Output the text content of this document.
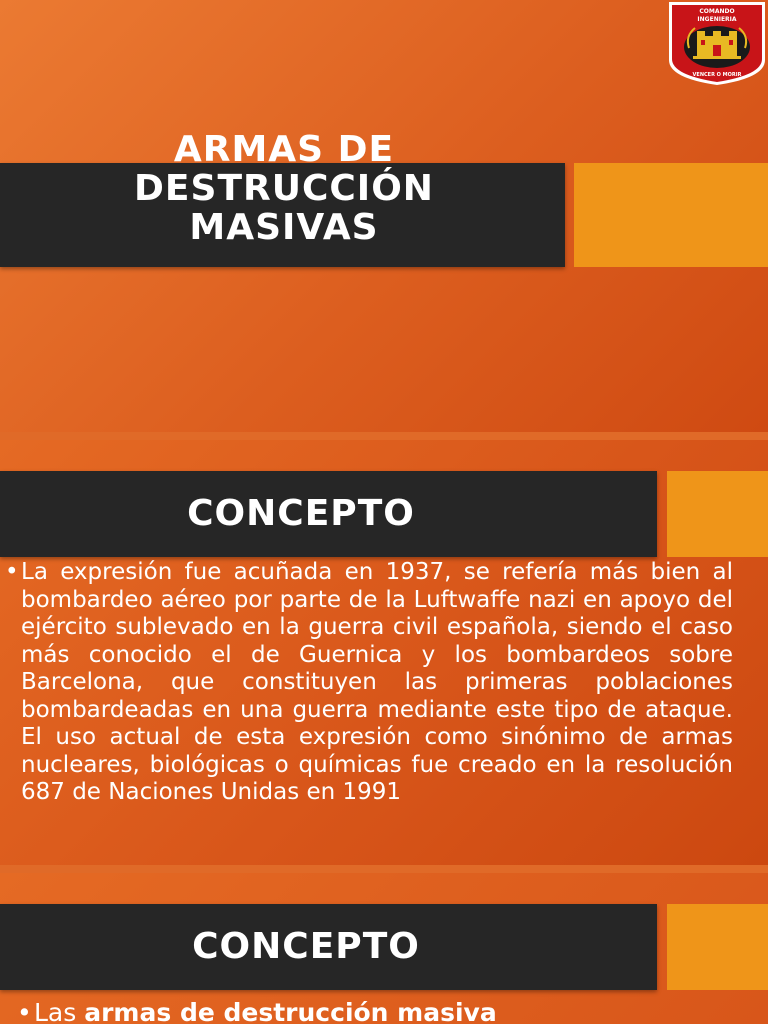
ARMAS DE
DESTRUCCIÓN
MASIVAS
COMANDO
INGENIERIA
VENCER O MORIR
CONCEPTO
• La expresión fue acuñada en 1937, se refería más bien al bombardeo aéreo por parte de la Luftwaffe nazi en apoyo del ejército sublevado en la guerra civil española, siendo el caso más conocido el de Guernica y los bombardeos sobre Barcelona, que constituyen las primeras poblaciones bombardeadas en una guerra mediante este tipo de ataque. El uso actual de esta expresión como sinónimo de armas nucleares, biológicas o químicas fue creado en la resolución 687 de Naciones Unidas en 1991
CONCEPTO
• Las armas de destrucción masiva
